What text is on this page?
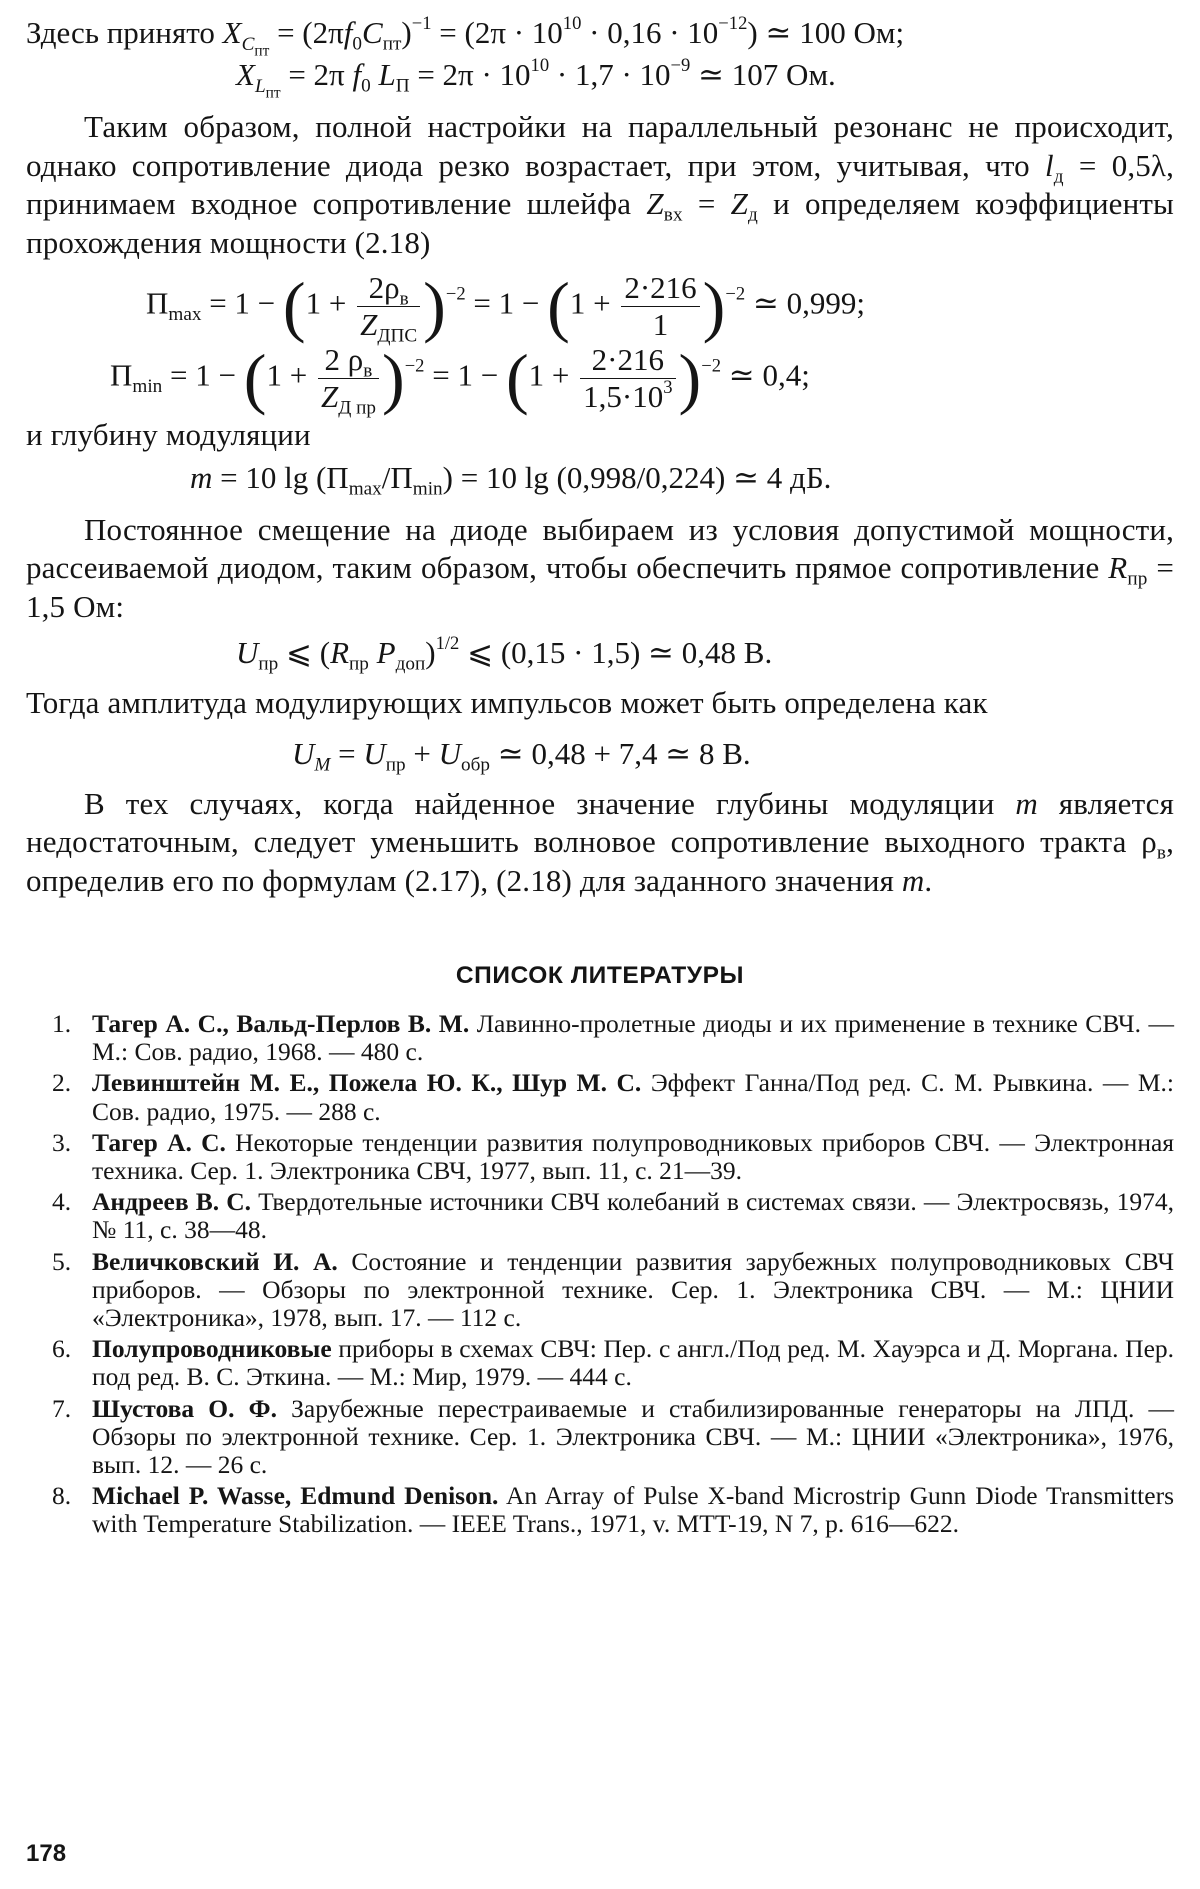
Здесь принято $X_{C_{пт}} = (2\pi f_0C_{пт})^{-1} = (2\pi \cdot 10^{10} \cdot 0,16 \cdot 10^{-12})$ ≃ 100 Ом;

$X_{L_{пт}} = 2\pi$ $f_0$ $L_П = 2\pi \cdot 10^{10} \cdot 1,7 \cdot 10^{-9}$ ≃ 107 Ом.

Таким образом, полной настройки на параллельный резонанс не происходит, однако сопротивление диода резко возрастает, при этом, учитывая, что $l_д = 0,5\lambda$, принимаем входное сопротивление шлейфа $Z_{вх} = Z_д$ и определяем коэффициенты прохождения мощности (2.18)

$П_{max} = 1 - (1 + \frac{2\rho_в}{Z_{ДПС}} )^{-2} = 1 - (1 + \frac{2\cdot 216}{1} )^{-2}$ ≃ 0,999;

$П_{min} = 1 - (1 + \frac{2 \rho_в}{Z_{Д пр}} )^{-2} = 1 - (1 + \frac{2\cdot 216}{1,5\cdot 10^3} )^{-2}$ ≃ 0,4;

и глубину модуляции

m = 10 $\lg (П_{max}/П_{min}) = 10$ lg (0,998/0,224) ≃ 4 дБ.

Постоянное смещение на диоде выбираем из условия допустимой мощности, рассеиваемой диодом, таким образом, чтобы обеспечить прямое сопротивление $R_{пр} = 1,5$ Ом:

$U_{пр}$ ⩽ ($R_{пр}$ $P_{доп})^{1/2}$ ⩽ (0,15 · 1,5) ≃ 0,48 В.

Тогда амплитуда модулирующих импульсов может быть определена как

$U_M = U_{пр} + U_{обр}$ ≃ 0,48 + 7,4 ≃ 8 В.

В тех случаях, когда найденное значение глубины модуляции m является недостаточным, следует уменьшить волновое сопротивление выходного тракта $\rho_в$, определив его по формулам (2.17), (2.18) для заданного значения m.

СПИСОК ЛИТЕРАТУРЫ

1. Тагер А. С., Вальд-Перлов В. М. Лавинно-пролетные диоды и их применение в технике СВЧ. — М.: Сов. радио, 1968. — 480 с.
2. Левинштейн М. Е., Пожела Ю. К., Шур М. С. Эффект Ганна/Под ред. С. М. Рывкина. — М.: Сов. радио, 1975. — 288 с.
3. Тагер А. С. Некоторые тенденции развития полупроводниковых приборов СВЧ. — Электронная техника. Сер. 1. Электроника СВЧ, 1977, вып. 11, с. 21—39.
4. Андреев В. С. Твердотельные источники СВЧ колебаний в системах связи. — Электросвязь, 1974, № 11, с. 38—48.
5. Величковский И. А. Состояние и тенденции развития зарубежных полупроводниковых СВЧ приборов. — Обзоры по электронной технике. Сер. 1. Электроника СВЧ. — М.: ЦНИИ «Электроника», 1978, вып. 17. — 112 с.
6. Полупроводниковые приборы в схемах СВЧ: Пер. с англ./Под ред. М. Хауэрса и Д. Моргана. Пер. под ред. В. С. Эткина. — М.: Мир, 1979. — 444 с.
7. Шустова О. Ф. Зарубежные перестраиваемые и стабилизированные генераторы на ЛПД. — Обзоры по электронной технике. Сер. 1. Электроника СВЧ. — М.: ЦНИИ «Электроника», 1976, вып. 12. — 26 с.
8. Michael P. Wasse, Edmund Denison. An Array of Pulse X-band Microstrip Gunn Diode Transmitters with Temperature Stabilization. — IEEE Trans., 1971, v. MTT-19, N 7, p. 616—622.

178
